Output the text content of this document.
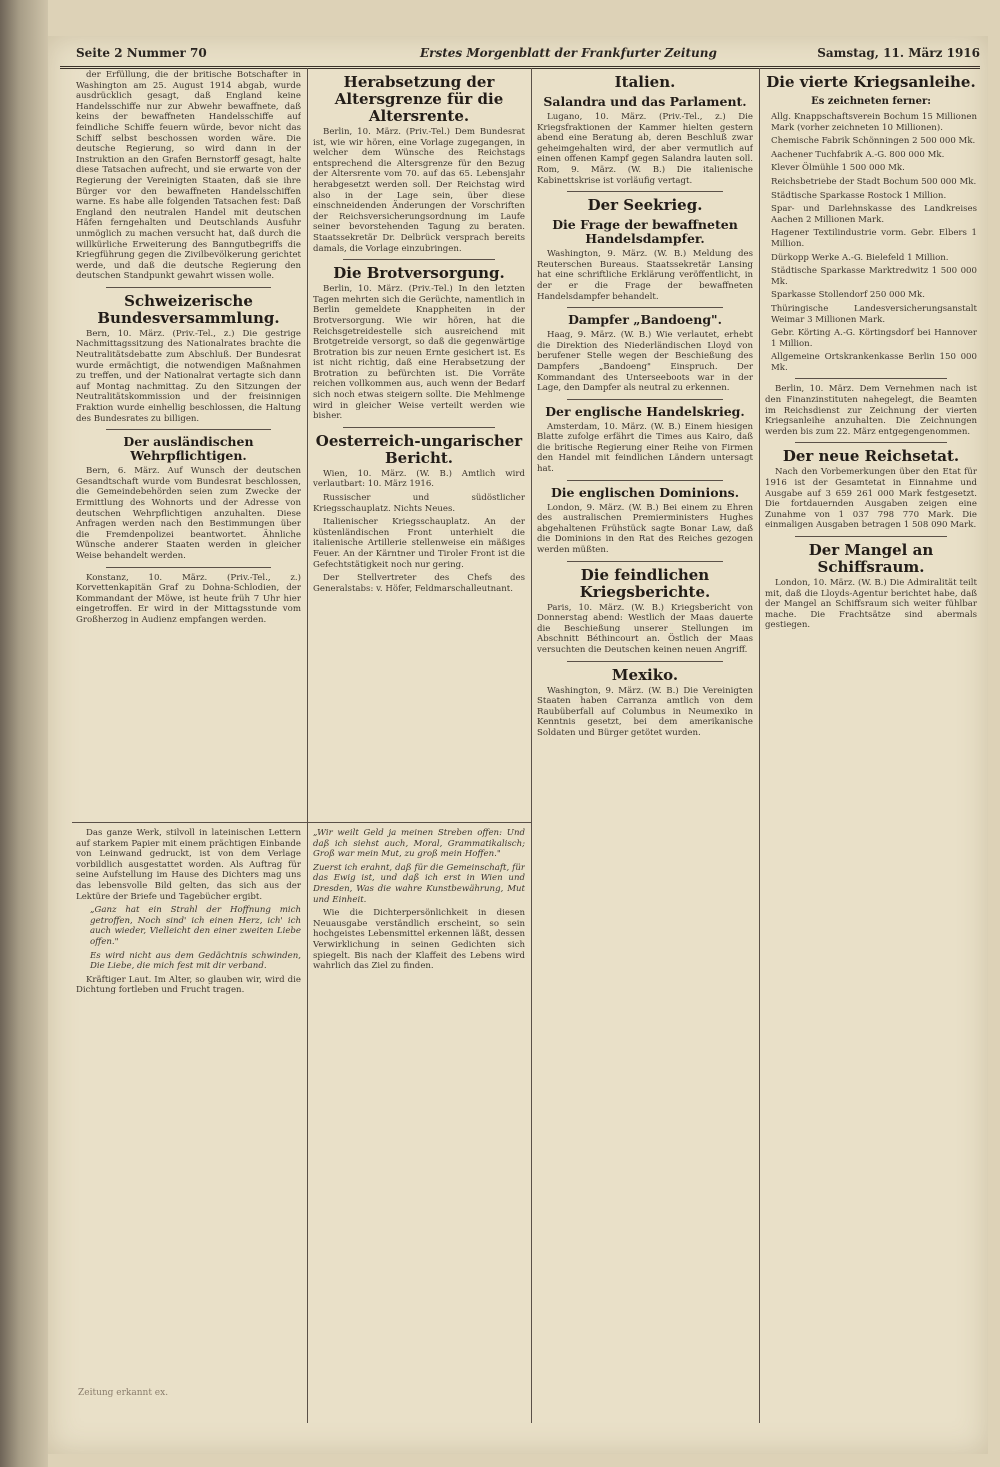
Seite 2 Nummer 70	Erstes Morgenblatt der Frankfurter Zeitung	Samstag, 11. März 1916

der Erfüllung, die der britische Botschafter in Washington am 25. August 1914 abgab, wurde ausdrücklich gesagt, daß England keine Handelsschiffe nur zur Abwehr bewaffnete, daß keins der bewaffneten Handelsschiffe auf feindliche Schiffe feuern würde, bevor nicht das Schiff selbst beschossen worden wäre. Die deutsche Regierung, so wird dann in der Instruktion an den Grafen Bernstorff gesagt, halte diese Tatsachen aufrecht, und sie erwarte von der Regierung der Vereinigten Staaten, daß sie ihre Bürger vor den bewaffneten Handelsschiffen warne. Es habe alle folgenden Tatsachen fest: Daß England den neutralen Handel mit deutschen Häfen ferngehalten und Deutschlands Ausfuhr unmöglich zu machen versucht hat, daß durch die willkürliche Erweiterung des Banngutbegriffs die Kriegführung gegen die Zivilbevölkerung gerichtet werde, und daß die deutsche Regierung den deutschen Standpunkt gewahrt wissen wolle.

Schweizerische Bundesversammlung.

Bern, 10. März. (Priv.-Tel., z.) Die gestrige Nachmittagssitzung des Nationalrates brachte die Neutralitätsdebatte zum Abschluß. Der Bundesrat wurde ermächtigt, die notwendigen Maßnahmen zu treffen, und der Nationalrat vertagte sich dann auf Montag nachmittag. Zu den Sitzungen der Neutralitätskommission und der freisinnigen Fraktion wurde einhellig beschlossen, die Haltung des Bundesrates zu billigen.

Der ausländischen Wehrpflichtigen.

Bern, 6. März. Auf Wunsch der deutschen Gesandtschaft wurde vom Bundesrat beschlossen, die Gemeindebehörden seien zum Zwecke der Ermittlung des Wohnorts und der Adresse von deutschen Wehrpflichtigen anzuhalten. Diese Anfragen werden nach den Bestimmungen über die Fremdenpolizei beantwortet. Ähnliche Wünsche anderer Staaten werden in gleicher Weise behandelt werden.

Konstanz, 10. März. (Priv.-Tel., z.) Korvettenkapitän Graf zu Dohna-Schlodien, der Kommandant der Möwe, ist heute früh 7 Uhr hier eingetroffen. Er wird in der Mittagsstunde vom Großherzog in Audienz empfangen werden.

Herabsetzung der Altersgrenze für die Altersrente.

Berlin, 10. März. (Priv.-Tel.) Dem Bundesrat ist, wie wir hören, eine Vorlage zugegangen, in welcher dem Wünsche des Reichstags entsprechend die Altersgrenze für den Bezug der Altersrente vom 70. auf das 65. Lebensjahr herabgesetzt werden soll. Der Reichstag wird also in der Lage sein, über diese einschneidenden Änderungen der Vorschriften der Reichsversicherungsordnung im Laufe seiner bevorstehenden Tagung zu beraten. Staatssekretär Dr. Delbrück versprach bereits damals, die Vorlage einzubringen.

Die Brotversorgung.

Berlin, 10. März. (Priv.-Tel.) In den letzten Tagen mehrten sich die Gerüchte, namentlich in Berlin gemeldete Knappheiten in der Brotversorgung. Wie wir hören, hat die Reichsgetreidestelle sich ausreichend mit Brotgetreide versorgt, so daß die gegenwärtige Brotration bis zur neuen Ernte gesichert ist. Es ist nicht richtig, daß eine Herabsetzung der Brotration zu befürchten ist. Die Vorräte reichen vollkommen aus, auch wenn der Bedarf sich noch etwas steigern sollte. Die Mehlmenge wird in gleicher Weise verteilt werden wie bisher.

Oesterreich-ungarischer Bericht.

Wien, 10. März. (W. B.) Amtlich wird verlautbart: 10. März 1916.

Russischer und südöstlicher Kriegsschauplatz. Nichts Neues.

Italienischer Kriegsschauplatz. An der küstenländischen Front unterhielt die italienische Artillerie stellenweise ein mäßiges Feuer. An der Kärntner und Tiroler Front ist die Gefechtstätigkeit noch nur gering.

Der Stellvertreter des Chefs des Generalstabs: v. Höfer, Feldmarschalleutnant.

Italien.
Salandra und das Parlament.

Lugano, 10. März. (Priv.-Tel., z.) Die Kriegsfraktionen der Kammer hielten gestern abend eine Beratung ab, deren Beschluß zwar geheimgehalten wird, der aber vermutlich auf einen offenen Kampf gegen Salandra lauten soll. Rom, 9. März. (W. B.) Die italienische Kabinettskrise ist vorläufig vertagt.

Der Seekrieg.
Die Frage der bewaffneten Handelsdampfer.

Washington, 9. März. (W. B.) Meldung des Reuterschen Bureaus. Staatssekretär Lansing hat eine schriftliche Erklärung veröffentlicht, in der er die Frage der bewaffneten Handelsdampfer behandelt.

Dampfer „Bandoeng".

Haag, 9. März. (W. B.) Wie verlautet, erhebt die Direktion des Niederländischen Lloyd von berufener Stelle wegen der Beschießung des Dampfers „Bandoeng" Einspruch. Der Kommandant des Unterseeboots war in der Lage, den Dampfer als neutral zu erkennen.

Der englische Handelskrieg.

Amsterdam, 10. März. (W. B.) Einem hiesigen Blatte zufolge erfährt die Times aus Kairo, daß die britische Regierung einer Reihe von Firmen den Handel mit feindlichen Ländern untersagt hat.

Die englischen Dominions.

London, 9. März. (W. B.) Bei einem zu Ehren des australischen Premierministers Hughes abgehaltenen Frühstück sagte Bonar Law, daß die Dominions in den Rat des Reiches gezogen werden müßten.

Die feindlichen Kriegsberichte.

Paris, 10. März. (W. B.) Kriegsbericht von Donnerstag abend: Westlich der Maas dauerte die Beschießung unserer Stellungen im Abschnitt Béthincourt an. Östlich der Maas versuchten die Deutschen keinen neuen Angriff.

Mexiko.

Washington, 9. März. (W. B.) Die Vereinigten Staaten haben Carranza amtlich von dem Raubüberfall auf Columbus in Neumexiko in Kenntnis gesetzt, bei dem amerikanische Soldaten und Bürger getötet wurden.

Die vierte Kriegsanleihe.
Es zeichneten ferner:

Allg. Knappschaftsverein Bochum 15 Millionen Mark (vorher zeichneten 10 Millionen).

Chemische Fabrik Schönningen 2 500 000 Mk.

Aachener Tuchfabrik A.-G. 800 000 Mk.

Klever Ölmühle 1 500 000 Mk.

Reichsbetriebe der Stadt Bochum 500 000 Mk.

Städtische Sparkasse Rostock 1 Million.

Spar- und Darlehnskasse des Landkreises Aachen 2 Millionen Mark.

Hagener Textilindustrie vorm. Gebr. Elbers 1 Million.

Dürkopp Werke A.-G. Bielefeld 1 Million.

Städtische Sparkasse Marktredwitz 1 500 000 Mk.

Sparkasse Stollendorf 250 000 Mk.

Thüringische Landesversicherungsanstalt Weimar 3 Millionen Mark.

Gebr. Körting A.-G. Körtingsdorf bei Hannover 1 Million.

Allgemeine Ortskrankenkasse Berlin 150 000 Mk.

Berlin, 10. März. Dem Vernehmen nach ist den Finanzinstituten nahegelegt, die Beamten im Reichsdienst zur Zeichnung der vierten Kriegsanleihe anzuhalten. Die Zeichnungen werden bis zum 22. März entgegengenommen.

Der neue Reichsetat.

Nach den Vorbemerkungen über den Etat für 1916 ist der Gesamtetat in Einnahme und Ausgabe auf 3 659 261 000 Mark festgesetzt. Die fortdauernden Ausgaben zeigen eine Zunahme von 1 037 798 770 Mark. Die einmaligen Ausgaben betragen 1 508 090 Mark.

Der Mangel an Schiffsraum.

London, 10. März. (W. B.) Die Admiralität teilt mit, daß die Lloyds-Agentur berichtet habe, daß der Mangel an Schiffsraum sich weiter fühlbar mache. Die Frachtsätze sind abermals gestiegen.

Das ganze Werk, stilvoll in lateinischen Lettern auf starkem Papier mit einem prächtigen Einbande von Leinwand gedruckt, ist von dem Verlage vorbildlich ausgestattet worden. Als Auftrag für seine Aufstellung im Hause des Dichters mag uns das lebensvolle Bild gelten, das sich aus der Lektüre der Briefe und Tagebücher ergibt.

„Ganz hat ein Strahl der Hoffnung mich getroffen, Noch sind' ich einen Herz, ich' ich auch wieder, Vielleicht den einer zweiten Liebe offen."

Es wird nicht aus dem Gedächtnis schwinden, Die Liebe, die mich fest mit dir verband.

Kräftiger Laut. Im Alter, so glauben wir, wird die Dichtung fortleben und Frucht tragen.

„Wir weilt Geld ja meinen Streben offen: Und daß ich siehst auch, Moral, Grammatikalisch; Groß war mein Mut, zu groß mein Hoffen."

Zuerst ich erahnt, daß für die Gemeinschaft, für das Ewig ist, und daß ich erst in Wien und Dresden, Was die wahre Kunstbewährung, Mut und Einheit.

Wie die Dichterpersönlichkeit in diesen Neuausgabe verständlich erscheint, so sein hochgeistes Lebensmittel erkennen läßt, dessen Verwirklichung in seinen Gedichten sich spiegelt. Bis nach der Klaffeit des Lebens wird wahrlich das Ziel zu finden.

Zeitung erkannt ex.
